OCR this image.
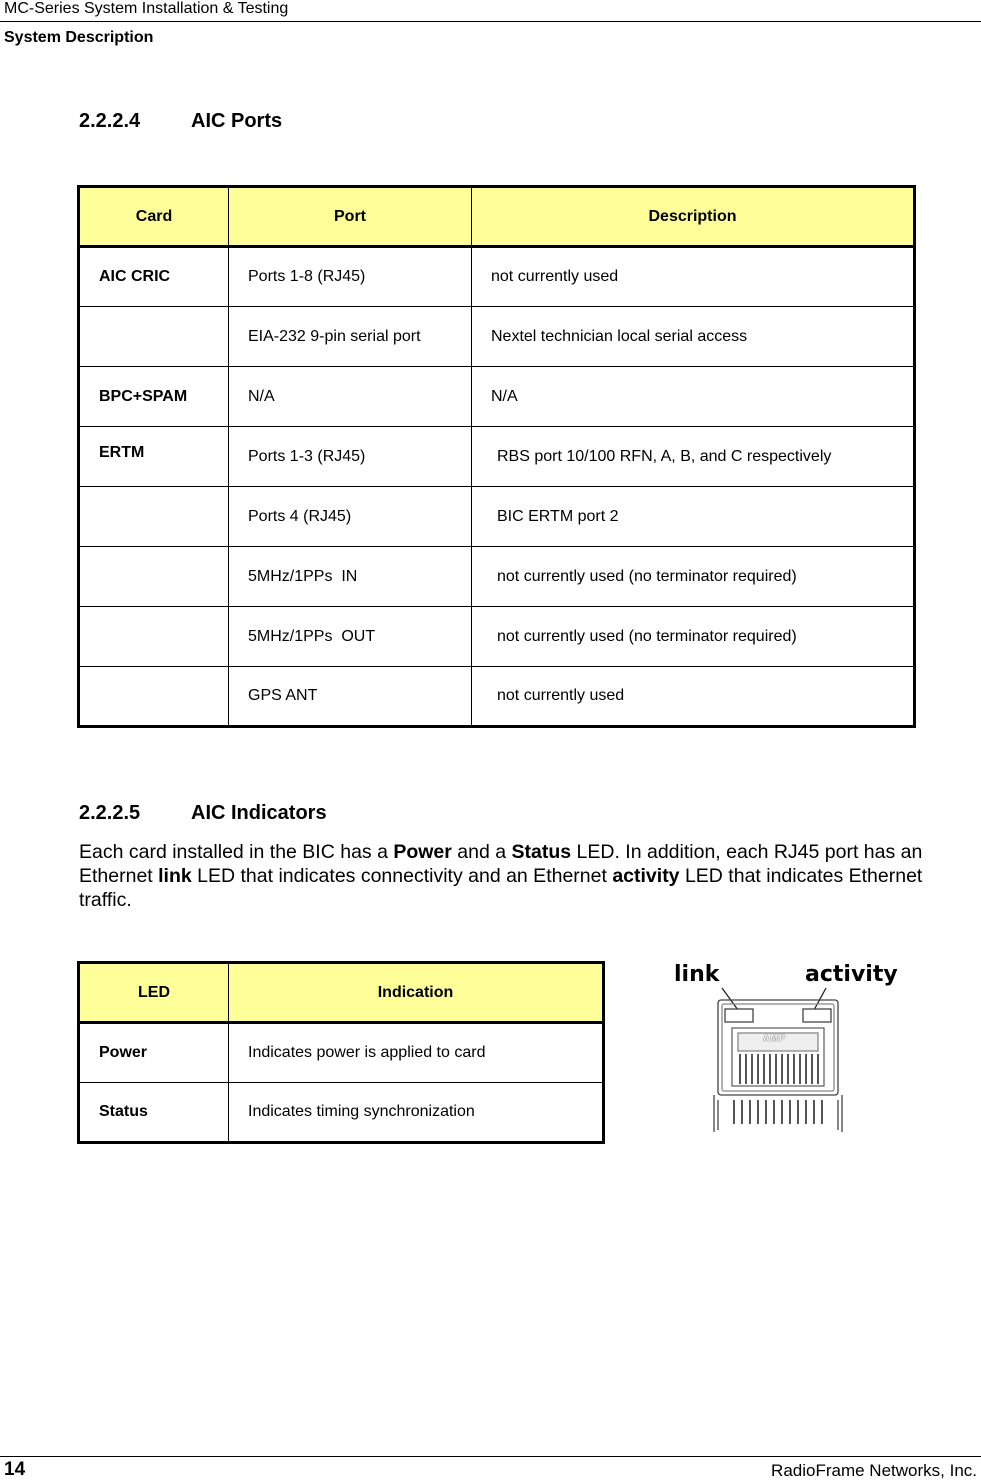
MC-Series System Installation & Testing
System Description
2.2.2.4	AIC Ports
Card	Port	Description
AIC CRIC	Ports 1-8 (RJ45)	not currently used
	EIA-232 9-pin serial port	Nextel technician local serial access
BPC+SPAM	N/A	N/A
ERTM	Ports 1-3 (RJ45)	RBS port 10/100 RFN, A, B, and C respectively
	Ports 4 (RJ45)	BIC ERTM port 2
	5MHz/1PPs  IN	not currently used (no terminator required)
	5MHz/1PPs  OUT	not currently used (no terminator required)
	GPS ANT	not currently used
2.2.2.5	AIC Indicators
Each card installed in the BIC has a Power and a Status LED. In addition, each RJ45 port has an Ethernet link LED that indicates connectivity and an Ethernet activity LED that indicates Ethernet traffic.
LED	Indication
Power	Indicates power is applied to card
Status	Indicates timing synchronization
link	activity
AMP
14	RadioFrame Networks, Inc.
